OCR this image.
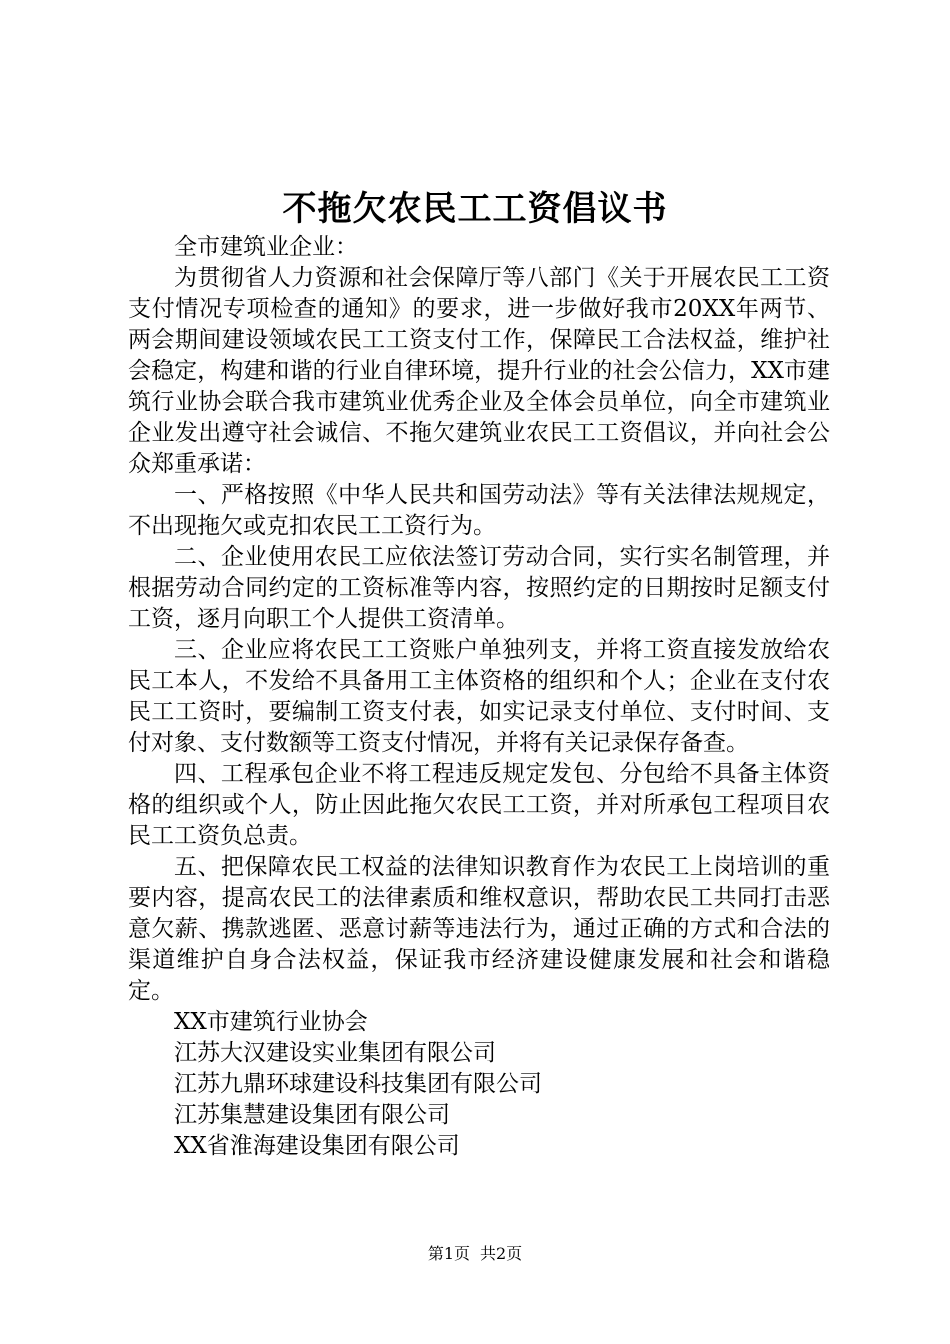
不拖欠农民工工资倡议书

全市建筑业企业：

为贯彻省人力资源和社会保障厅等八部门《关于开展农民工工资支付情况专项检查的通知》的要求，进一步做好我市20XX年两节、两会期间建设领域农民工工资支付工作，保障民工合法权益，维护社会稳定，构建和谐的行业自律环境，提升行业的社会公信力，XX市建筑行业协会联合我市建筑业优秀企业及全体会员单位，向全市建筑业企业发出遵守社会诚信、不拖欠建筑业农民工工资倡议，并向社会公众郑重承诺：

一、严格按照《中华人民共和国劳动法》等有关法律法规规定，不出现拖欠或克扣农民工工资行为。

二、企业使用农民工应依法签订劳动合同，实行实名制管理，并根据劳动合同约定的工资标准等内容，按照约定的日期按时足额支付工资，逐月向职工个人提供工资清单。

三、企业应将农民工工资账户单独列支，并将工资直接发放给农民工本人，不发给不具备用工主体资格的组织和个人；企业在支付农民工工资时，要编制工资支付表，如实记录支付单位、支付时间、支付对象、支付数额等工资支付情况，并将有关记录保存备查。

四、工程承包企业不将工程违反规定发包、分包给不具备主体资格的组织或个人，防止因此拖欠农民工工资，并对所承包工程项目农民工工资负总责。

五、把保障农民工权益的法律知识教育作为农民工上岗培训的重要内容，提高农民工的法律素质和维权意识，帮助农民工共同打击恶意欠薪、携款逃匿、恶意讨薪等违法行为，通过正确的方式和合法的渠道维护自身合法权益，保证我市经济建设健康发展和社会和谐稳定。

XX市建筑行业协会
江苏大汉建设实业集团有限公司
江苏九鼎环球建设科技集团有限公司
江苏集慧建设集团有限公司
XX省淮海建设集团有限公司
第1页 共2页
